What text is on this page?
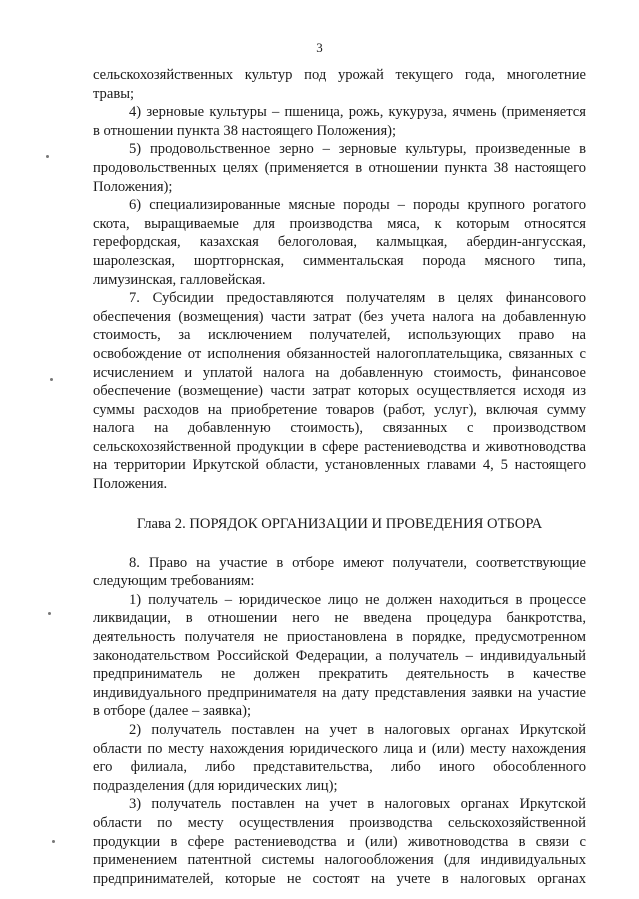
3
сельскохозяйственных культур под урожай текущего года, многолетние
травы;
4) зерновые культуры – пшеница, рожь, кукуруза, ячмень (применяется
в отношении пункта 38 настоящего Положения);
5) продовольственное зерно – зерновые культуры, произведенные в
продовольственных целях (применяется в отношении пункта 38 настоящего
Положения);
6) специализированные мясные породы – породы крупного рогатого
скота, выращиваемые для производства мяса, к которым относятся
герефордская, казахская белоголовая, калмыцкая, абердин-ангусская,
шаролезская, шортгорнская, симментальская порода мясного типа,
лимузинская, галловейская.
7. Субсидии предоставляются получателям в целях финансового
обеспечения (возмещения) части затрат (без учета налога на добавленную
стоимость, за исключением получателей, использующих право на
освобождение от исполнения обязанностей налогоплательщика, связанных с
исчислением и уплатой налога на добавленную стоимость, финансовое
обеспечение (возмещение) части затрат которых осуществляется исходя из
суммы расходов на приобретение товаров (работ, услуг), включая сумму
налога на добавленную стоимость), связанных с производством
сельскохозяйственной продукции в сфере растениеводства и животноводства
на территории Иркутской области, установленных главами 4, 5 настоящего
Положения.
Глава 2. ПОРЯДОК ОРГАНИЗАЦИИ И ПРОВЕДЕНИЯ ОТБОРА
8. Право на участие в отборе имеют получатели, соответствующие
следующим требованиям:
1) получатель – юридическое лицо не должен находиться в процессе
ликвидации, в отношении него не введена процедура банкротства,
деятельность получателя не приостановлена в порядке, предусмотренном
законодательством Российской Федерации, а получатель – индивидуальный
предприниматель не должен прекратить деятельность в качестве
индивидуального предпринимателя на дату представления заявки на участие
в отборе (далее – заявка);
2) получатель поставлен на учет в налоговых органах Иркутской
области по месту нахождения юридического лица и (или) месту нахождения
его филиала, либо представительства, либо иного обособленного
подразделения (для юридических лиц);
3) получатель поставлен на учет в налоговых органах Иркутской
области по месту осуществления производства сельскохозяйственной
продукции в сфере растениеводства и (или) животноводства в связи с
применением патентной системы налогообложения (для индивидуальных
предпринимателей, которые не состоят на учете в налоговых органах
